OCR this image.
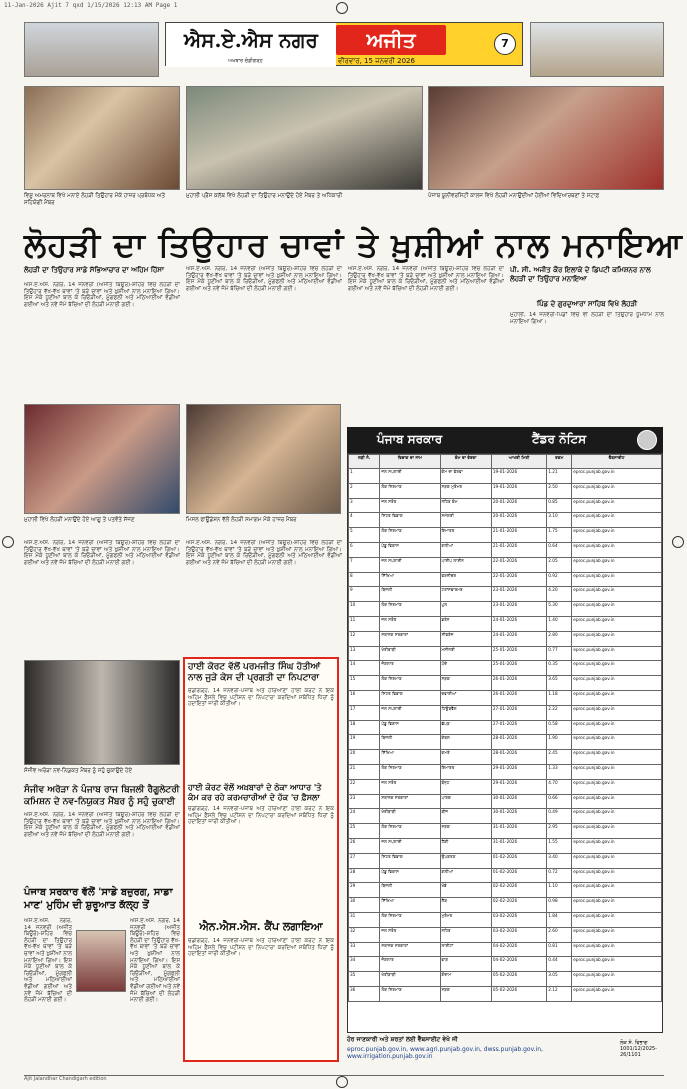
11-Jan-2026 Ajit 7 qxd 1/15/2026 12:13 AM Page 1
ਐਸ.ਏ.ਐਸ ਨਗਰ
ਅਖ਼ਬਾਰ ਚੰਡੀਗੜ੍ਹ
ਅਜੀਤ
ਵੀਰਵਾਰ, 15 ਜਨਵਰੀ 2026
7
ਵਿਸ਼ੂ ਅਮਰਨਾਥ ਵਿਖੇ ਮਨਾਏ ਲੋਹੜੀ ਤਿਉਹਾਰ ਮੌਕੇ ਹਾਜ਼ਰ ਪ੍ਰਬੰਧਕ ਅਤੇ ਸਹਿਯੋਗੀ ਮੈਂਬਰ
ਮੁਹਾਲੀ ਪ੍ਰੈਸ ਕਲੱਬ ਵਿਖੇ ਲੋਹੜੀ ਦਾ ਤਿਉਹਾਰ ਮਨਾਉਂਦੇ ਹੋਏ ਮੈਂਬਰ ਤੇ ਅਧਿਕਾਰੀ	ਪੰਜਾਬ ਯੂਨੀਵਰਸਿਟੀ ਕਾਲਜ ਵਿਖੇ ਲੋਹੜੀ ਮਨਾਉਂਦੀਆਂ ਹੋਈਆਂ ਵਿਦਿਆਰਥਣਾਂ ਤੇ ਸਟਾਫ਼
ਲੋਹੜੀ ਦਾ ਤਿਉਹਾਰ ਚਾਵਾਂ ਤੇ ਖ਼ੁਸ਼ੀਆਂ ਨਾਲ ਮਨਾਇਆ
ਲੋਹੜੀ ਦਾ ਤਿਉਹਾਰ ਸਾਡੇ ਸੱਭਿਆਚਾਰ ਦਾ ਅਹਿਮ ਹਿੱਸਾ
ਐਸ.ਏ.ਐਸ. ਨਗਰ, 14 ਜਨਵਰੀ (ਅਜੀਤ ਬਿਊਰੋ)-ਸ਼ਹਿਰ ਵਿਚ ਲੋਹੜੀ ਦਾ ਤਿਉਹਾਰ ਵੱਖ-ਵੱਖ ਥਾਵਾਂ 'ਤੇ ਬੜੇ ਚਾਵਾਂ ਅਤੇ ਖ਼ੁਸ਼ੀਆਂ ਨਾਲ ਮਨਾਇਆ ਗਿਆ। ਇਸ ਮੌਕੇ ਧੂਣੀਆਂ ਬਾਲ ਕੇ ਰਿਓੜੀਆਂ, ਮੂੰਗਫਲੀ ਅਤੇ ਮਠਿਆਈਆਂ ਵੰਡੀਆਂ ਗਈਆਂ ਅਤੇ ਨਵੇਂ ਜੰਮੇ ਬੱਚਿਆਂ ਦੀ ਲੋਹੜੀ ਮਨਾਈ ਗਈ।
ਐਸ.ਏ.ਐਸ. ਨਗਰ, 14 ਜਨਵਰੀ (ਅਜੀਤ ਬਿਊਰੋ)-ਸ਼ਹਿਰ ਵਿਚ ਲੋਹੜੀ ਦਾ ਤਿਉਹਾਰ ਵੱਖ-ਵੱਖ ਥਾਵਾਂ 'ਤੇ ਬੜੇ ਚਾਵਾਂ ਅਤੇ ਖ਼ੁਸ਼ੀਆਂ ਨਾਲ ਮਨਾਇਆ ਗਿਆ। ਇਸ ਮੌਕੇ ਧੂਣੀਆਂ ਬਾਲ ਕੇ ਰਿਓੜੀਆਂ, ਮੂੰਗਫਲੀ ਅਤੇ ਮਠਿਆਈਆਂ ਵੰਡੀਆਂ ਗਈਆਂ ਅਤੇ ਨਵੇਂ ਜੰਮੇ ਬੱਚਿਆਂ ਦੀ ਲੋਹੜੀ ਮਨਾਈ ਗਈ।
ਐਸ.ਏ.ਐਸ. ਨਗਰ, 14 ਜਨਵਰੀ (ਅਜੀਤ ਬਿਊਰੋ)-ਸ਼ਹਿਰ ਵਿਚ ਲੋਹੜੀ ਦਾ ਤਿਉਹਾਰ ਵੱਖ-ਵੱਖ ਥਾਵਾਂ 'ਤੇ ਬੜੇ ਚਾਵਾਂ ਅਤੇ ਖ਼ੁਸ਼ੀਆਂ ਨਾਲ ਮਨਾਇਆ ਗਿਆ। ਇਸ ਮੌਕੇ ਧੂਣੀਆਂ ਬਾਲ ਕੇ ਰਿਓੜੀਆਂ, ਮੂੰਗਫਲੀ ਅਤੇ ਮਠਿਆਈਆਂ ਵੰਡੀਆਂ ਗਈਆਂ ਅਤੇ ਨਵੇਂ ਜੰਮੇ ਬੱਚਿਆਂ ਦੀ ਲੋਹੜੀ ਮਨਾਈ ਗਈ।
ਪੀ. ਸੀ. ਅਜੀਤ ਕੌਰ ਇਲਾਕੇ ਦੇ ਡਿਪਟੀ ਕਮਿਸ਼ਨਰ ਨਾਲ ਲੋਹੜੀ ਦਾ ਤਿਉਹਾਰ ਮਨਾਇਆ
ਪਿੰਡ ਦੇ ਗੁਰਦੁਆਰਾ ਸਾਹਿਬ ਵਿਖੇ ਲੋਹੜੀ
ਮੁਹਾਲੀ, 14 ਜਨਵਰੀ-ਪਿੰਡਾਂ ਵਿਚ ਵੀ ਲੋਹੜੀ ਦਾ ਤਿਉਹਾਰ ਧੂਮਧਾਮ ਨਾਲ ਮਨਾਇਆ ਗਿਆ।
ਮੁਹਾਲੀ ਵਿਖੇ ਲੋਹੜੀ ਮਨਾਉਂਦੇ ਹੋਏ ਆਗੂ ਤੇ ਪਤਵੰਤੇ ਸੱਜਣ	ਮਿਸਲ ਫਾਊਂਡੇਸ਼ਨ ਵੱਲੋਂ ਲੋਹੜੀ ਸਮਾਗਮ ਮੌਕੇ ਹਾਜ਼ਰ ਮੈਂਬਰ
ਐਸ.ਏ.ਐਸ. ਨਗਰ, 14 ਜਨਵਰੀ (ਅਜੀਤ ਬਿਊਰੋ)-ਸ਼ਹਿਰ ਵਿਚ ਲੋਹੜੀ ਦਾ ਤਿਉਹਾਰ ਵੱਖ-ਵੱਖ ਥਾਵਾਂ 'ਤੇ ਬੜੇ ਚਾਵਾਂ ਅਤੇ ਖ਼ੁਸ਼ੀਆਂ ਨਾਲ ਮਨਾਇਆ ਗਿਆ। ਇਸ ਮੌਕੇ ਧੂਣੀਆਂ ਬਾਲ ਕੇ ਰਿਓੜੀਆਂ, ਮੂੰਗਫਲੀ ਅਤੇ ਮਠਿਆਈਆਂ ਵੰਡੀਆਂ ਗਈਆਂ ਅਤੇ ਨਵੇਂ ਜੰਮੇ ਬੱਚਿਆਂ ਦੀ ਲੋਹੜੀ ਮਨਾਈ ਗਈ।
ਐਸ.ਏ.ਐਸ. ਨਗਰ, 14 ਜਨਵਰੀ (ਅਜੀਤ ਬਿਊਰੋ)-ਸ਼ਹਿਰ ਵਿਚ ਲੋਹੜੀ ਦਾ ਤਿਉਹਾਰ ਵੱਖ-ਵੱਖ ਥਾਵਾਂ 'ਤੇ ਬੜੇ ਚਾਵਾਂ ਅਤੇ ਖ਼ੁਸ਼ੀਆਂ ਨਾਲ ਮਨਾਇਆ ਗਿਆ। ਇਸ ਮੌਕੇ ਧੂਣੀਆਂ ਬਾਲ ਕੇ ਰਿਓੜੀਆਂ, ਮੂੰਗਫਲੀ ਅਤੇ ਮਠਿਆਈਆਂ ਵੰਡੀਆਂ ਗਈਆਂ ਅਤੇ ਨਵੇਂ ਜੰਮੇ ਬੱਚਿਆਂ ਦੀ ਲੋਹੜੀ ਮਨਾਈ ਗਈ।
ਹਾਈ ਕੋਰਟ ਵੱਲੋਂ ਪਰਮਜੀਤ ਸਿੰਘ ਹੋਤੀਆਂ ਨਾਲ ਜੁੜੇ ਕੇਸ ਦੀ ਪ੍ਰਗਤੀ ਦਾ ਨਿਪਟਾਰਾ
ਚੰਡੀਗੜ੍ਹ, 14 ਜਨਵਰੀ-ਪੰਜਾਬ ਅਤੇ ਹਰਿਆਣਾ ਹਾਈ ਕੋਰਟ ਨੇ ਇਕ ਅਹਿਮ ਫ਼ੈਸਲੇ ਵਿਚ ਪਟੀਸ਼ਨ ਦਾ ਨਿਪਟਾਰਾ ਕਰਦਿਆਂ ਸਬੰਧਿਤ ਧਿਰਾਂ ਨੂੰ ਹਦਾਇਤਾਂ ਜਾਰੀ ਕੀਤੀਆਂ।
ਹਾਈ ਕੋਰਟ ਵੱਲੋਂ ਅਖ਼ਬਾਰਾਂ ਦੇ ਠੇਕਾ ਆਧਾਰ 'ਤੇ ਕੰਮ ਕਰ ਰਹੇ ਕਰਮਚਾਰੀਆਂ ਦੇ ਹੱਕ 'ਚ ਫ਼ੈਸਲਾ
ਚੰਡੀਗੜ੍ਹ, 14 ਜਨਵਰੀ-ਪੰਜਾਬ ਅਤੇ ਹਰਿਆਣਾ ਹਾਈ ਕੋਰਟ ਨੇ ਇਕ ਅਹਿਮ ਫ਼ੈਸਲੇ ਵਿਚ ਪਟੀਸ਼ਨ ਦਾ ਨਿਪਟਾਰਾ ਕਰਦਿਆਂ ਸਬੰਧਿਤ ਧਿਰਾਂ ਨੂੰ ਹਦਾਇਤਾਂ ਜਾਰੀ ਕੀਤੀਆਂ।
ਐਨ.ਐਸ.ਐਸ. ਕੈਂਪ ਲਗਾਇਆ
ਚੰਡੀਗੜ੍ਹ, 14 ਜਨਵਰੀ-ਪੰਜਾਬ ਅਤੇ ਹਰਿਆਣਾ ਹਾਈ ਕੋਰਟ ਨੇ ਇਕ ਅਹਿਮ ਫ਼ੈਸਲੇ ਵਿਚ ਪਟੀਸ਼ਨ ਦਾ ਨਿਪਟਾਰਾ ਕਰਦਿਆਂ ਸਬੰਧਿਤ ਧਿਰਾਂ ਨੂੰ ਹਦਾਇਤਾਂ ਜਾਰੀ ਕੀਤੀਆਂ।
ਸੰਜੀਵ ਅਰੋੜਾ ਨਵ-ਨਿਯੁਕਤ ਮੈਂਬਰ ਨੂੰ ਸਹੁੰ ਚੁਕਾਉਂਦੇ ਹੋਏ
ਸੰਜੀਵ ਅਰੋੜਾ ਨੇ ਪੰਜਾਬ ਰਾਜ ਬਿਜਲੀ ਰੈਗੂਲੇਟਰੀ ਕਮਿਸ਼ਨ ਦੇ ਨਵ-ਨਿਯੁਕਤ ਮੈਂਬਰ ਨੂੰ ਸਹੁੰ ਚੁਕਾਈ
ਐਸ.ਏ.ਐਸ. ਨਗਰ, 14 ਜਨਵਰੀ (ਅਜੀਤ ਬਿਊਰੋ)-ਸ਼ਹਿਰ ਵਿਚ ਲੋਹੜੀ ਦਾ ਤਿਉਹਾਰ ਵੱਖ-ਵੱਖ ਥਾਵਾਂ 'ਤੇ ਬੜੇ ਚਾਵਾਂ ਅਤੇ ਖ਼ੁਸ਼ੀਆਂ ਨਾਲ ਮਨਾਇਆ ਗਿਆ। ਇਸ ਮੌਕੇ ਧੂਣੀਆਂ ਬਾਲ ਕੇ ਰਿਓੜੀਆਂ, ਮੂੰਗਫਲੀ ਅਤੇ ਮਠਿਆਈਆਂ ਵੰਡੀਆਂ ਗਈਆਂ ਅਤੇ ਨਵੇਂ ਜੰਮੇ ਬੱਚਿਆਂ ਦੀ ਲੋਹੜੀ ਮਨਾਈ ਗਈ।
ਪੰਜਾਬ ਸਰਕਾਰ ਵੱਲੋਂ 'ਸਾਡੇ ਬਜ਼ੁਰਗ, ਸਾਡਾ ਮਾਣ' ਮੁਹਿੰਮ ਦੀ ਸ਼ੁਰੂਆਤ ਕੱਲ੍ਹ ਤੋਂ
ਐਸ.ਏ.ਐਸ. ਨਗਰ, 14 ਜਨਵਰੀ (ਅਜੀਤ ਬਿਊਰੋ)-ਸ਼ਹਿਰ ਵਿਚ ਲੋਹੜੀ ਦਾ ਤਿਉਹਾਰ ਵੱਖ-ਵੱਖ ਥਾਵਾਂ 'ਤੇ ਬੜੇ ਚਾਵਾਂ ਅਤੇ ਖ਼ੁਸ਼ੀਆਂ ਨਾਲ ਮਨਾਇਆ ਗਿਆ। ਇਸ ਮੌਕੇ ਧੂਣੀਆਂ ਬਾਲ ਕੇ ਰਿਓੜੀਆਂ, ਮੂੰਗਫਲੀ ਅਤੇ ਮਠਿਆਈਆਂ ਵੰਡੀਆਂ ਗਈਆਂ ਅਤੇ ਨਵੇਂ ਜੰਮੇ ਬੱਚਿਆਂ ਦੀ ਲੋਹੜੀ ਮਨਾਈ ਗਈ।
ਐਸ.ਏ.ਐਸ. ਨਗਰ, 14 ਜਨਵਰੀ (ਅਜੀਤ ਬਿਊਰੋ)-ਸ਼ਹਿਰ ਵਿਚ ਲੋਹੜੀ ਦਾ ਤਿਉਹਾਰ ਵੱਖ-ਵੱਖ ਥਾਵਾਂ 'ਤੇ ਬੜੇ ਚਾਵਾਂ ਅਤੇ ਖ਼ੁਸ਼ੀਆਂ ਨਾਲ ਮਨਾਇਆ ਗਿਆ। ਇਸ ਮੌਕੇ ਧੂਣੀਆਂ ਬਾਲ ਕੇ ਰਿਓੜੀਆਂ, ਮੂੰਗਫਲੀ ਅਤੇ ਮਠਿਆਈਆਂ ਵੰਡੀਆਂ ਗਈਆਂ ਅਤੇ ਨਵੇਂ ਜੰਮੇ ਬੱਚਿਆਂ ਦੀ ਲੋਹੜੀ ਮਨਾਈ ਗਈ।
ਪੰਜਾਬ ਸਰਕਾਰ	ਟੈਂਡਰ ਨੋਟਿਸ
ਲੜੀ ਨੰ.	ਵਿਭਾਗ ਦਾ ਨਾਮ	ਕੰਮ ਦਾ ਵੇਰਵਾ	ਆਖਰੀ ਮਿਤੀ	ਰਕਮ	ਵੈੱਬਸਾਈਟ
1	ਜਲ ਸਪਲਾਈ	ਕੰਮ ਦਾ ਵੇਰਵਾ	19-01-2026	1.21	eproc.punjab.gov.in
2	ਲੋਕ ਨਿਰਮਾਣ	ਸੜਕ ਮੁਰੰਮਤ	19-01-2026	2.50	eproc.punjab.gov.in
3	ਜਲ ਸਰੋਤ	ਨਹਿਰ ਕੰਮ	20-01-2026	0.85	eproc.punjab.gov.in
4	ਸਿਹਤ ਵਿਭਾਗ	ਸਮੱਗਰੀ	20-01-2026	3.10	eproc.punjab.gov.in
5	ਲੋਕ ਨਿਰਮਾਣ	ਇਮਾਰਤ	21-01-2026	1.75	eproc.punjab.gov.in
6	ਪੇਂਡੂ ਵਿਕਾਸ	ਗਲੀਆਂ	21-01-2026	0.64	eproc.punjab.gov.in
7	ਜਲ ਸਪਲਾਈ	ਪਾਈਪ ਲਾਈਨ	22-01-2026	2.05	eproc.punjab.gov.in
8	ਸਿੱਖਿਆ	ਫਰਨੀਚਰ	22-01-2026	0.92	eproc.punjab.gov.in
9	ਬਿਜਲੀ	ਟਰਾਂਸਫਾਰਮਰ	23-01-2026	4.20	eproc.punjab.gov.in
10	ਲੋਕ ਨਿਰਮਾਣ	ਪੁਲ	23-01-2026	5.30	eproc.punjab.gov.in
11	ਜਲ ਸਰੋਤ	ਡਰੇਨ	24-01-2026	1.40	eproc.punjab.gov.in
12	ਸਥਾਨਕ ਸਰਕਾਰਾਂ	ਸੀਵਰੇਜ	24-01-2026	2.80	eproc.punjab.gov.in
13	ਖੇਤੀਬਾੜੀ	ਮਸ਼ੀਨਰੀ	25-01-2026	0.77	eproc.punjab.gov.in
14	ਜੰਗਲਾਤ	ਪੌਦੇ	25-01-2026	0.35	eproc.punjab.gov.in
15	ਲੋਕ ਨਿਰਮਾਣ	ਸੜਕ	26-01-2026	3.65	eproc.punjab.gov.in
16	ਸਿਹਤ ਵਿਭਾਗ	ਦਵਾਈਆਂ	26-01-2026	1.18	eproc.punjab.gov.in
17	ਜਲ ਸਪਲਾਈ	ਟਿਊਬਵੈੱਲ	27-01-2026	2.22	eproc.punjab.gov.in
18	ਪੇਂਡੂ ਵਿਕਾਸ	ਛੱਪੜ	27-01-2026	0.58	eproc.punjab.gov.in
19	ਬਿਜਲੀ	ਕੇਬਲ	28-01-2026	1.90	eproc.punjab.gov.in
20	ਸਿੱਖਿਆ	ਕਮਰੇ	28-01-2026	2.45	eproc.punjab.gov.in
21	ਲੋਕ ਨਿਰਮਾਣ	ਇਮਾਰਤ	29-01-2026	1.33	eproc.punjab.gov.in
22	ਜਲ ਸਰੋਤ	ਬੰਨ੍ਹ	29-01-2026	4.70	eproc.punjab.gov.in
23	ਸਥਾਨਕ ਸਰਕਾਰਾਂ	ਪਾਰਕ	30-01-2026	0.66	eproc.punjab.gov.in
24	ਖੇਤੀਬਾੜੀ	ਬੀਜ	30-01-2026	0.49	eproc.punjab.gov.in
25	ਲੋਕ ਨਿਰਮਾਣ	ਸੜਕ	31-01-2026	2.95	eproc.punjab.gov.in
26	ਜਲ ਸਪਲਾਈ	ਟੈਂਕੀ	31-01-2026	1.55	eproc.punjab.gov.in
27	ਸਿਹਤ ਵਿਭਾਗ	ਉਪਕਰਣ	01-02-2026	3.40	eproc.punjab.gov.in
28	ਪੇਂਡੂ ਵਿਕਾਸ	ਗਲੀਆਂ	01-02-2026	0.72	eproc.punjab.gov.in
29	ਬਿਜਲੀ	ਖੰਭੇ	02-02-2026	1.10	eproc.punjab.gov.in
30	ਸਿੱਖਿਆ	ਲੈਬ	02-02-2026	0.98	eproc.punjab.gov.in
31	ਲੋਕ ਨਿਰਮਾਣ	ਮੁਰੰਮਤ	03-02-2026	1.84	eproc.punjab.gov.in
32	ਜਲ ਸਰੋਤ	ਨਹਿਰ	03-02-2026	2.60	eproc.punjab.gov.in
33	ਸਥਾਨਕ ਸਰਕਾਰਾਂ	ਲਾਈਟਾਂ	04-02-2026	0.81	eproc.punjab.gov.in
34	ਜੰਗਲਾਤ	ਵਾੜ	04-02-2026	0.44	eproc.punjab.gov.in
35	ਖੇਤੀਬਾੜੀ	ਗੋਦਾਮ	05-02-2026	3.05	eproc.punjab.gov.in
36	ਲੋਕ ਨਿਰਮਾਣ	ਸੜਕ	05-02-2026	2.12	eproc.punjab.gov.in
ਹੋਰ ਜਾਣਕਾਰੀ ਅਤੇ ਸ਼ਰਤਾਂ ਲਈ ਵੈੱਬਸਾਈਟ ਵੇਖੋ ਜੀ
eproc.punjab.gov.in, www.agri.punjab.gov.in, dwss.punjab.gov.in, www.irrigation.punjab.gov.in
ਲੋਕ ਸੰ. ਵਿਭਾਗ
1001/12/2025-
26/1101
Ajit Jalandhar Chandigarh edition
